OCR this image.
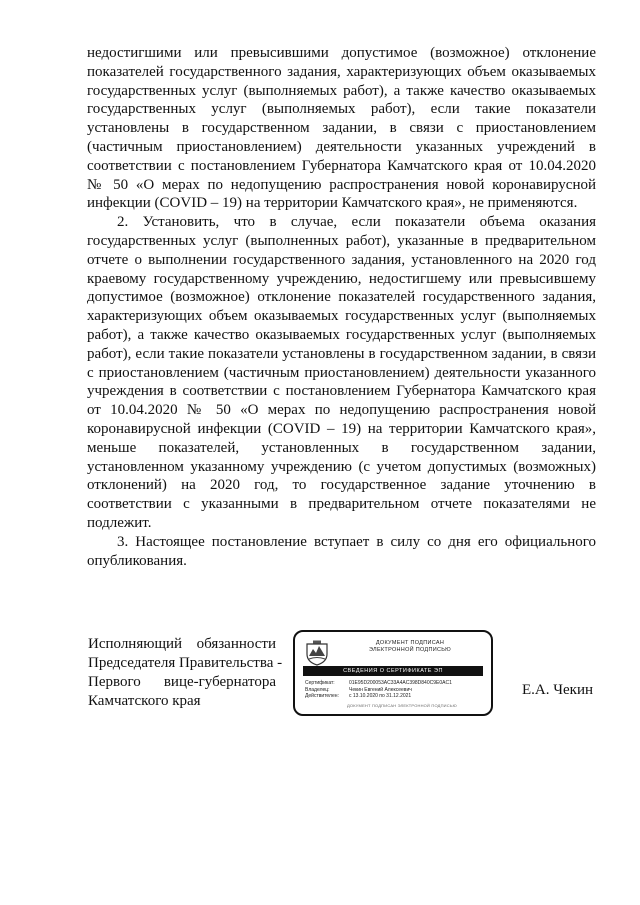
недостигшими или превысившими допустимое (возможное) отклонение показателей государственного задания, характеризующих объем оказываемых государственных услуг (выполняемых работ), а также качество оказываемых государственных услуг (выполняемых работ), если такие показатели установлены в государственном задании, в связи с приостановлением (частичным приостановлением) деятельности указанных учреждений в соответствии с постановлением Губернатора Камчатского края от 10.04.2020 № 50 «О мерах по недопущению распространения новой коронавирусной инфекции (COVID – 19) на территории Камчатского края», не применяются.

2. Установить, что в случае, если показатели объема оказания государственных услуг (выполненных работ), указанные в предварительном отчете о выполнении государственного задания, установленного на 2020 год краевому государственному учреждению, недостигшему или превысившему допустимое (возможное) отклонение показателей государственного задания, характеризующих объем оказываемых государственных услуг (выполняемых работ), а также качество оказываемых государственных услуг (выполняемых работ), если такие показатели установлены в государственном задании, в связи с приостановлением (частичным приостановлением) деятельности указанного учреждения в соответствии с постановлением Губернатора Камчатского края от 10.04.2020 № 50 «О мерах по недопущению распространения новой коронавирусной инфекции (COVID – 19) на территории Камчатского края», меньше показателей, установленных в государственном задании, установленном указанному учреждению (с учетом допустимых (возможных) отклонений) на 2020 год, то государственное задание уточнению в соответствии с указанными в предварительном отчете показателями не подлежит.

3. Настоящее постановление вступает в силу со дня его официального опубликования.

Исполняющий обязанности
Председателя Правительства -
Первого вице-губернатора
Камчатского края
ДОКУМЕНТ ПОДПИСАН
ЭЛЕКТРОННОЙ ПОДПИСЬЮ
СВЕДЕНИЯ О СЕРТИФИКАТЕ ЭП
Сертификат:	01E95D200053AC33A4AC398D840C9E0AC1
Владелец:	Чекин Евгений Алексеевич
Действителен:	с 13.10.2020 по 31.12.2021
ДОКУМЕНТ ПОДПИСАН ЭЛЕКТРОННОЙ ПОДПИСЬЮ
Е.А. Чекин
